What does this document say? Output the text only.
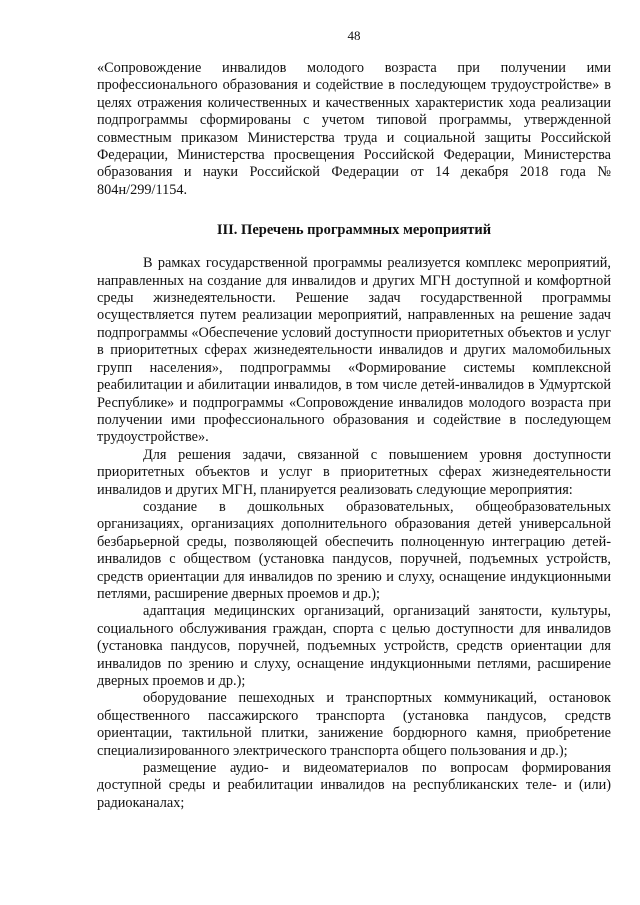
48

«Сопровождение инвалидов молодого возраста при получении ими профессионального образования и содействие в последующем трудоустройстве» в целях отражения количественных и качественных характеристик хода реализации подпрограммы сформированы с учетом типовой программы, утвержденной совместным приказом Министерства труда и социальной защиты Российской Федерации, Министерства просвещения Российской Федерации, Министерства образования и науки Российской Федерации от 14 декабря 2018 года № 804н/299/1154.

III. Перечень программных мероприятий

В рамках государственной программы реализуется комплекс мероприятий, направленных на создание для инвалидов и других МГН доступной и комфортной среды жизнедеятельности. Решение задач государственной программы осуществляется путем реализации мероприятий, направленных на решение задач подпрограммы «Обеспечение условий доступности приоритетных объектов и услуг в приоритетных сферах жизнедеятельности инвалидов и других маломобильных групп населения», подпрограммы «Формирование системы комплексной реабилитации и абилитации инвалидов, в том числе детей-инвалидов в Удмуртской Республике» и подпрограммы «Сопровождение инвалидов молодого возраста при получении ими профессионального образования и содействие в последующем трудоустройстве».

Для решения задачи, связанной с повышением уровня доступности приоритетных объектов и услуг в приоритетных сферах жизнедеятельности инвалидов и других МГН, планируется реализовать следующие мероприятия:

создание в дошкольных образовательных, общеобразовательных организациях, организациях дополнительного образования детей универсальной безбарьерной среды, позволяющей обеспечить полноценную интеграцию детей-инвалидов с обществом (установка пандусов, поручней, подъемных устройств, средств ориентации для инвалидов по зрению и слуху, оснащение индукционными петлями, расширение дверных проемов и др.);

адаптация медицинских организаций, организаций занятости, культуры, социального обслуживания граждан, спорта с целью доступности для инвалидов (установка пандусов, поручней, подъемных устройств, средств ориентации для инвалидов по зрению и слуху, оснащение индукционными петлями, расширение дверных проемов и др.);

оборудование пешеходных и транспортных коммуникаций, остановок общественного пассажирского транспорта (установка пандусов, средств ориентации, тактильной плитки, занижение бордюрного камня, приобретение специализированного электрического транспорта общего пользования и др.);

размещение аудио- и видеоматериалов по вопросам формирования доступной среды и реабилитации инвалидов на республиканских теле- и (или) радиоканалах;
